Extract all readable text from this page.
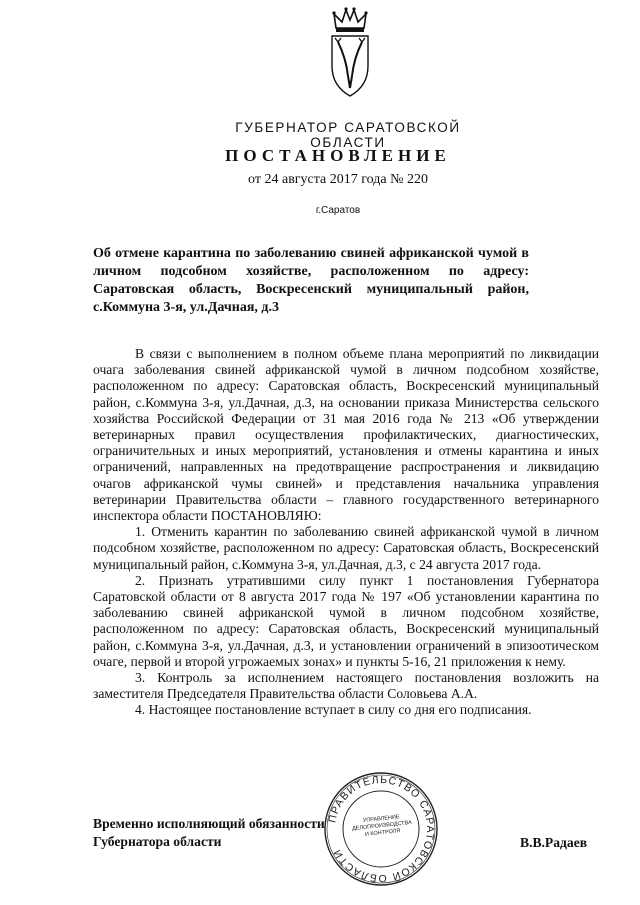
ГУБЕРНАТОР САРАТОВСКОЙ ОБЛАСТИ
ПОСТАНОВЛЕНИЕ
от 24 августа 2017 года № 220
г.Саратов
Об отмене карантина по заболеванию свиней африканской чумой в личном подсобном хозяйстве, расположенном по адресу: Саратовская область, Воскресенский муниципальный район, с.Коммуна 3-я, ул.Дачная, д.3

В связи с выполнением в полном объеме плана мероприятий по ликвидации очага заболевания свиней африканской чумой в личном подсобном хозяйстве, расположенном по адресу: Саратовская область, Воскресенский муниципальный район, с.Коммуна 3-я, ул.Дачная, д.3, на основании приказа Министерства сельского хозяйства Российской Федерации от 31 мая 2016 года № 213 «Об утверждении ветеринарных правил осуществления профилактических, диагностических, ограничительных и иных мероприятий, установления и отмены карантина и иных ограничений, направленных на предотвращение распространения и ликвидацию очагов африканской чумы свиней» и представления начальника управления ветеринарии Правительства области – главного государственного ветеринарного инспектора области ПОСТАНОВЛЯЮ:

1. Отменить карантин по заболеванию свиней африканской чумой в личном подсобном хозяйстве, расположенном по адресу: Саратовская область, Воскресенский муниципальный район, с.Коммуна 3-я, ул.Дачная, д.3, с 24 августа 2017 года.

2. Признать утратившими силу пункт 1 постановления Губернатора Саратовской области от 8 августа 2017 года № 197 «Об установлении карантина по заболеванию свиней африканской чумой в личном подсобном хозяйстве, расположенном по адресу: Саратовская область, Воскресенский муниципальный район, с.Коммуна 3-я, ул.Дачная, д.3, и установлении ограничений в эпизоотическом очаге, первой и второй угрожаемых зонах» и пункты 5-16, 21 приложения к нему.

3. Контроль за исполнением настоящего постановления возложить на заместителя Председателя Правительства области Соловьева А.А.

4. Настоящее постановление вступает в силу со дня его подписания.

Временно исполняющий обязанности
Губернатора области	В.В.Радаев
ПРАВИТЕЛЬСТВО САРАТОВСКОЙ ОБЛАСТИ
УПРАВЛЕНИЕ ДЕЛОПРОИЗВОДСТВА И КОНТРОЛЯ
